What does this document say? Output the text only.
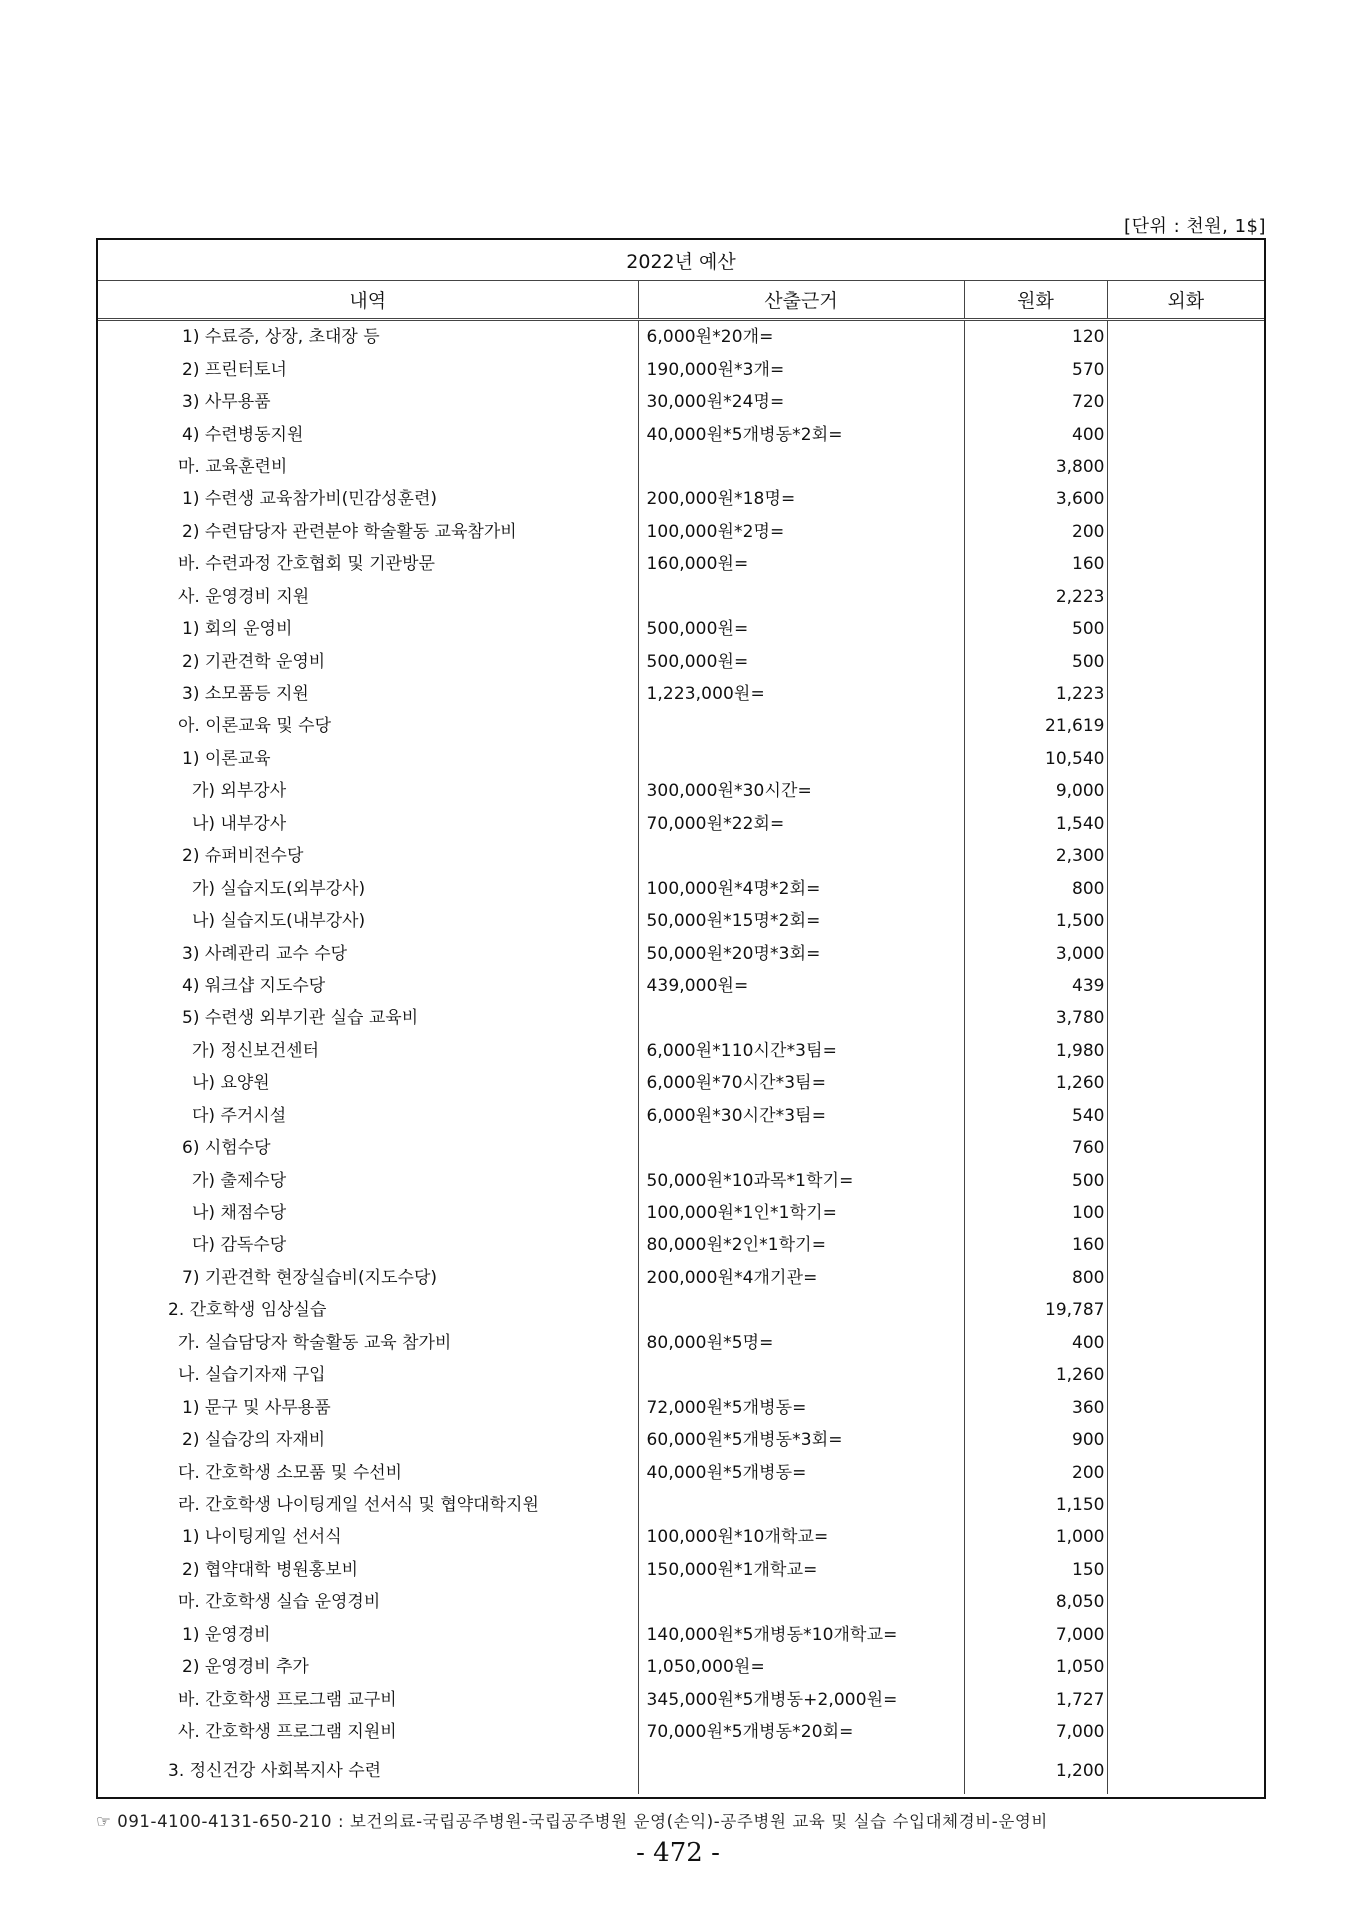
[단위 : 천원, 1$]
2022년 예산			
내역	산출근거	원화	외화
1) 수료증, 상장, 초대장 등	6,000원*20개=	120	
2) 프린터토너	190,000원*3개=	570	
3) 사무용품	30,000원*24명=	720	
4) 수련병동지원	40,000원*5개병동*2회=	400	
마. 교육훈련비		3,800	
1) 수련생 교육참가비(민감성훈련)	200,000원*18명=	3,600	
2) 수련담당자 관련분야 학술활동 교육참가비	100,000원*2명=	200	
바. 수련과정 간호협회 및 기관방문	160,000원=	160	
사. 운영경비 지원		2,223	
1) 회의 운영비	500,000원=	500	
2) 기관견학 운영비	500,000원=	500	
3) 소모품등 지원	1,223,000원=	1,223	
아. 이론교육 및 수당		21,619	
1) 이론교육		10,540	
가) 외부강사	300,000원*30시간=	9,000	
나) 내부강사	70,000원*22회=	1,540	
2) 슈퍼비전수당		2,300	
가) 실습지도(외부강사)	100,000원*4명*2회=	800	
나) 실습지도(내부강사)	50,000원*15명*2회=	1,500	
3) 사례관리 교수 수당	50,000원*20명*3회=	3,000	
4) 워크샵 지도수당	439,000원=	439	
5) 수련생 외부기관 실습 교육비		3,780	
가) 정신보건센터	6,000원*110시간*3팀=	1,980	
나) 요양원	6,000원*70시간*3팀=	1,260	
다) 주거시설	6,000원*30시간*3팀=	540	
6) 시험수당		760	
가) 출제수당	50,000원*10과목*1학기=	500	
나) 채점수당	100,000원*1인*1학기=	100	
다) 감독수당	80,000원*2인*1학기=	160	
7) 기관견학 현장실습비(지도수당)	200,000원*4개기관=	800	
2. 간호학생 임상실습		19,787	
가. 실습담당자 학술활동 교육 참가비	80,000원*5명=	400	
나. 실습기자재 구입		1,260	
1) 문구 및 사무용품	72,000원*5개병동=	360	
2) 실습강의 자재비	60,000원*5개병동*3회=	900	
다. 간호학생 소모품 및 수선비	40,000원*5개병동=	200	
라. 간호학생 나이팅게일 선서식 및 협약대학지원		1,150	
1) 나이팅게일 선서식	100,000원*10개학교=	1,000	
2) 협약대학 병원홍보비	150,000원*1개학교=	150	
마. 간호학생 실습 운영경비		8,050	
1) 운영경비	140,000원*5개병동*10개학교=	7,000	
2) 운영경비 추가	1,050,000원=	1,050	
바. 간호학생 프로그램 교구비	345,000원*5개병동+2,000원=	1,727	
사. 간호학생 프로그램 지원비	70,000원*5개병동*20회=	7,000	
3. 정신건강 사회복지사 수련		1,200	
☞ 091-4100-4131-650-210 : 보건의료-국립공주병원-국립공주병원 운영(손익)-공주병원 교육 및 실습 수입대체경비-운영비
- 472 -
